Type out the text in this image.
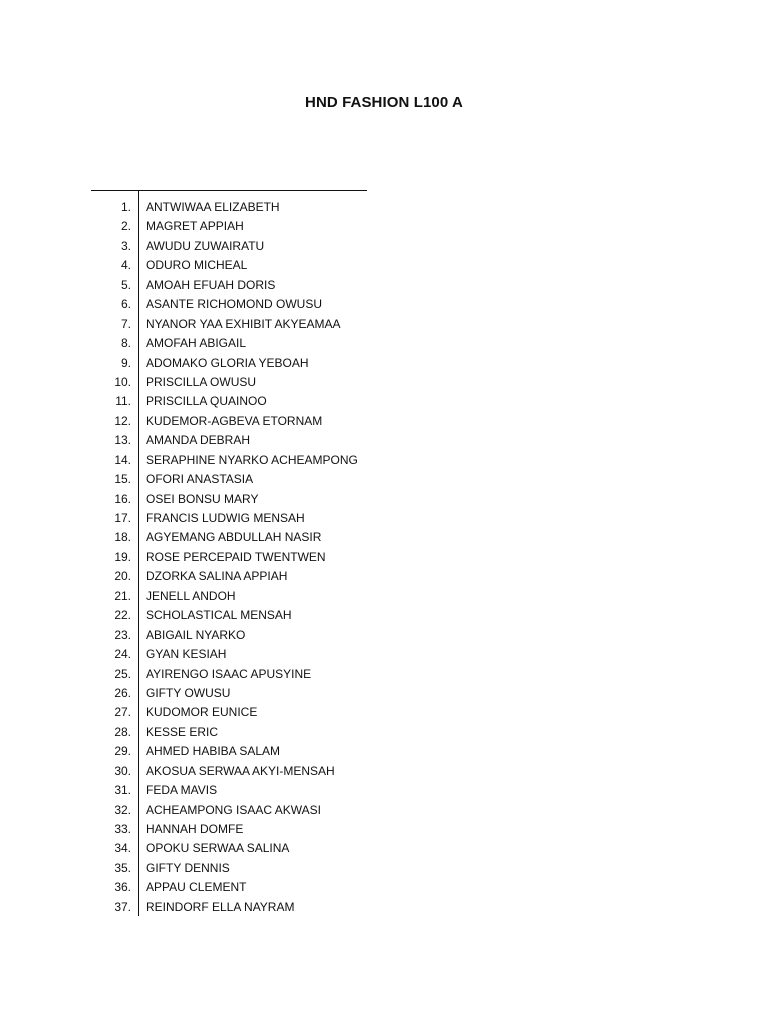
HND FASHION L100 A
1.	ANTWIWAA ELIZABETH
2.	MAGRET APPIAH
3.	AWUDU ZUWAIRATU
4.	ODURO MICHEAL
5.	AMOAH EFUAH DORIS
6.	ASANTE RICHOMOND OWUSU
7.	NYANOR YAA EXHIBIT AKYEAMAA
8.	AMOFAH ABIGAIL
9.	ADOMAKO GLORIA YEBOAH
10.	PRISCILLA OWUSU
11.	PRISCILLA QUAINOO
12.	KUDEMOR-AGBEVA ETORNAM
13.	AMANDA DEBRAH
14.	SERAPHINE NYARKO ACHEAMPONG
15.	OFORI ANASTASIA
16.	OSEI BONSU MARY
17.	FRANCIS LUDWIG MENSAH
18.	AGYEMANG ABDULLAH NASIR
19.	ROSE PERCEPAID TWENTWEN
20.	DZORKA SALINA APPIAH
21.	JENELL ANDOH
22.	SCHOLASTICAL MENSAH
23.	ABIGAIL NYARKO
24.	GYAN KESIAH
25.	AYIRENGO ISAAC APUSYINE
26.	GIFTY OWUSU
27.	KUDOMOR EUNICE
28.	KESSE ERIC
29.	AHMED HABIBA SALAM
30.	AKOSUA SERWAA AKYI-MENSAH
31.	FEDA MAVIS
32.	ACHEAMPONG ISAAC AKWASI
33.	HANNAH DOMFE
34.	OPOKU SERWAA SALINA
35.	GIFTY DENNIS
36.	APPAU CLEMENT
37.	REINDORF ELLA NAYRAM
